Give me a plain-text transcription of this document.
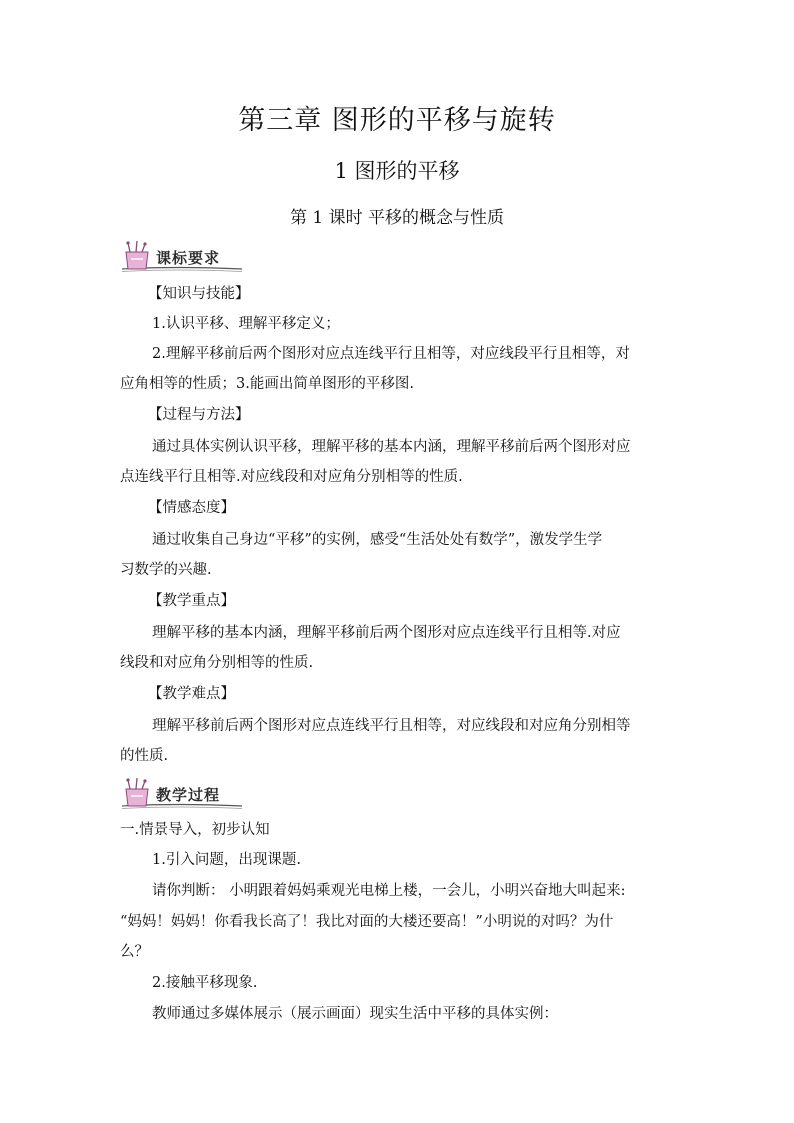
第三章 图形的平移与旋转
1 图形的平移
第 1 课时 平移的概念与性质
课标要求
【知识与技能】
1.认识平移、理解平移定义；
2.理解平移前后两个图形对应点连线平行且相等，对应线段平行且相等，对
应角相等的性质；3.能画出简单图形的平移图.
【过程与方法】
通过具体实例认识平移，理解平移的基本内涵，理解平移前后两个图形对应
点连线平行且相等.对应线段和对应角分别相等的性质.
【情感态度】
通过收集自己身边“平移”的实例，感受“生活处处有数学”，激发学生学
习数学的兴趣.
【教学重点】
理解平移的基本内涵，理解平移前后两个图形对应点连线平行且相等.对应
线段和对应角分别相等的性质.
【教学难点】
理解平移前后两个图形对应点连线平行且相等，对应线段和对应角分别相等
的性质.
教学过程
一.情景导入，初步认知
1.引入问题，出现课题.
请你判断： 小明跟着妈妈乘观光电梯上楼，一会儿，小明兴奋地大叫起来:
“妈妈！妈妈！你看我长高了！我比对面的大楼还要高！”小明说的对吗？为什
么？
2.接触平移现象.
教师通过多媒体展示（展示画面）现实生活中平移的具体实例：
